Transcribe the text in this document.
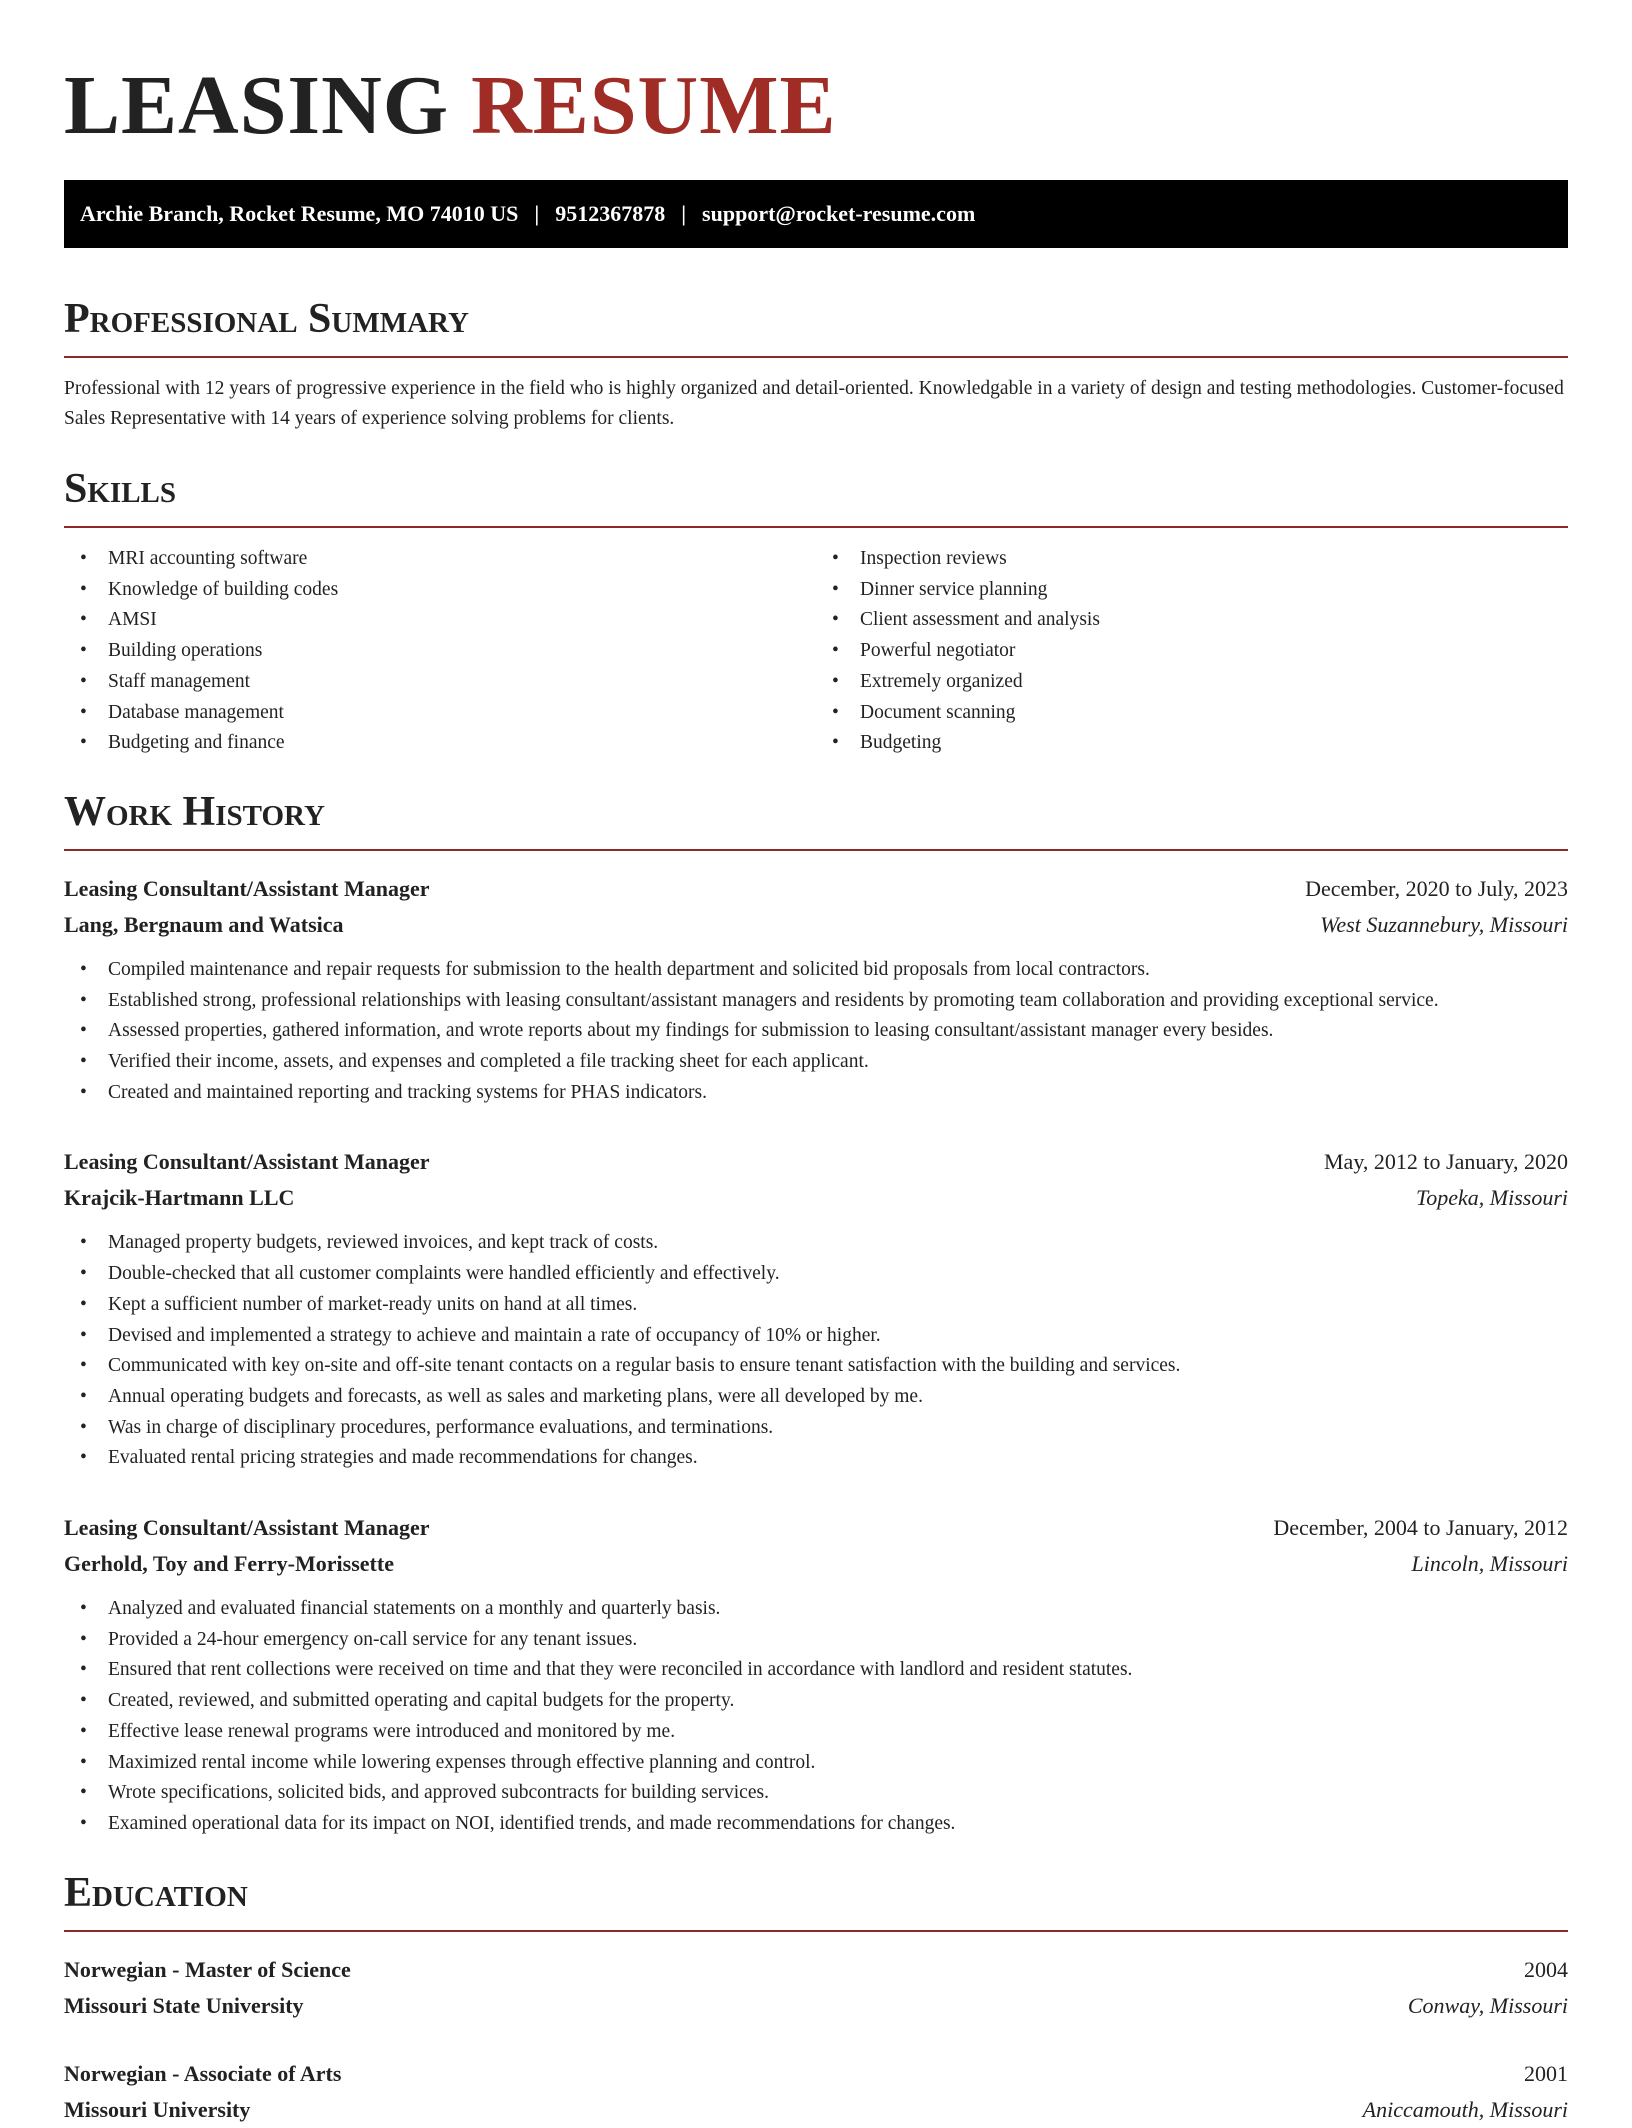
LEASING RESUME
Archie Branch, Rocket Resume, MO 74010 US | 9512367878 | support@rocket-resume.com
Professional Summary
Professional with 12 years of progressive experience in the field who is highly organized and detail-oriented. Knowledgable in a variety of design and testing methodologies. Customer-focused Sales Representative with 14 years of experience solving problems for clients.
Skills
• MRI accounting software
• Knowledge of building codes
• AMSI
• Building operations
• Staff management
• Database management
• Budgeting and finance
• Inspection reviews
• Dinner service planning
• Client assessment and analysis
• Powerful negotiator
• Extremely organized
• Document scanning
• Budgeting
Work History
Leasing Consultant/Assistant Manager	December, 2020 to July, 2023
Lang, Bergnaum and Watsica	West Suzannebury, Missouri
• Compiled maintenance and repair requests for submission to the health department and solicited bid proposals from local contractors.
• Established strong, professional relationships with leasing consultant/assistant managers and residents by promoting team collaboration and providing exceptional service.
• Assessed properties, gathered information, and wrote reports about my findings for submission to leasing consultant/assistant manager every besides.
• Verified their income, assets, and expenses and completed a file tracking sheet for each applicant.
• Created and maintained reporting and tracking systems for PHAS indicators.
Leasing Consultant/Assistant Manager	May, 2012 to January, 2020
Krajcik-Hartmann LLC	Topeka, Missouri
• Managed property budgets, reviewed invoices, and kept track of costs.
• Double-checked that all customer complaints were handled efficiently and effectively.
• Kept a sufficient number of market-ready units on hand at all times.
• Devised and implemented a strategy to achieve and maintain a rate of occupancy of 10% or higher.
• Communicated with key on-site and off-site tenant contacts on a regular basis to ensure tenant satisfaction with the building and services.
• Annual operating budgets and forecasts, as well as sales and marketing plans, were all developed by me.
• Was in charge of disciplinary procedures, performance evaluations, and terminations.
• Evaluated rental pricing strategies and made recommendations for changes.
Leasing Consultant/Assistant Manager	December, 2004 to January, 2012
Gerhold, Toy and Ferry-Morissette	Lincoln, Missouri
• Analyzed and evaluated financial statements on a monthly and quarterly basis.
• Provided a 24-hour emergency on-call service for any tenant issues.
• Ensured that rent collections were received on time and that they were reconciled in accordance with landlord and resident statutes.
• Created, reviewed, and submitted operating and capital budgets for the property.
• Effective lease renewal programs were introduced and monitored by me.
• Maximized rental income while lowering expenses through effective planning and control.
• Wrote specifications, solicited bids, and approved subcontracts for building services.
• Examined operational data for its impact on NOI, identified trends, and made recommendations for changes.
Education
Norwegian - Master of Science	2004
Missouri State University	Conway, Missouri
Norwegian - Associate of Arts	2001
Missouri University	Aniccamouth, Missouri
